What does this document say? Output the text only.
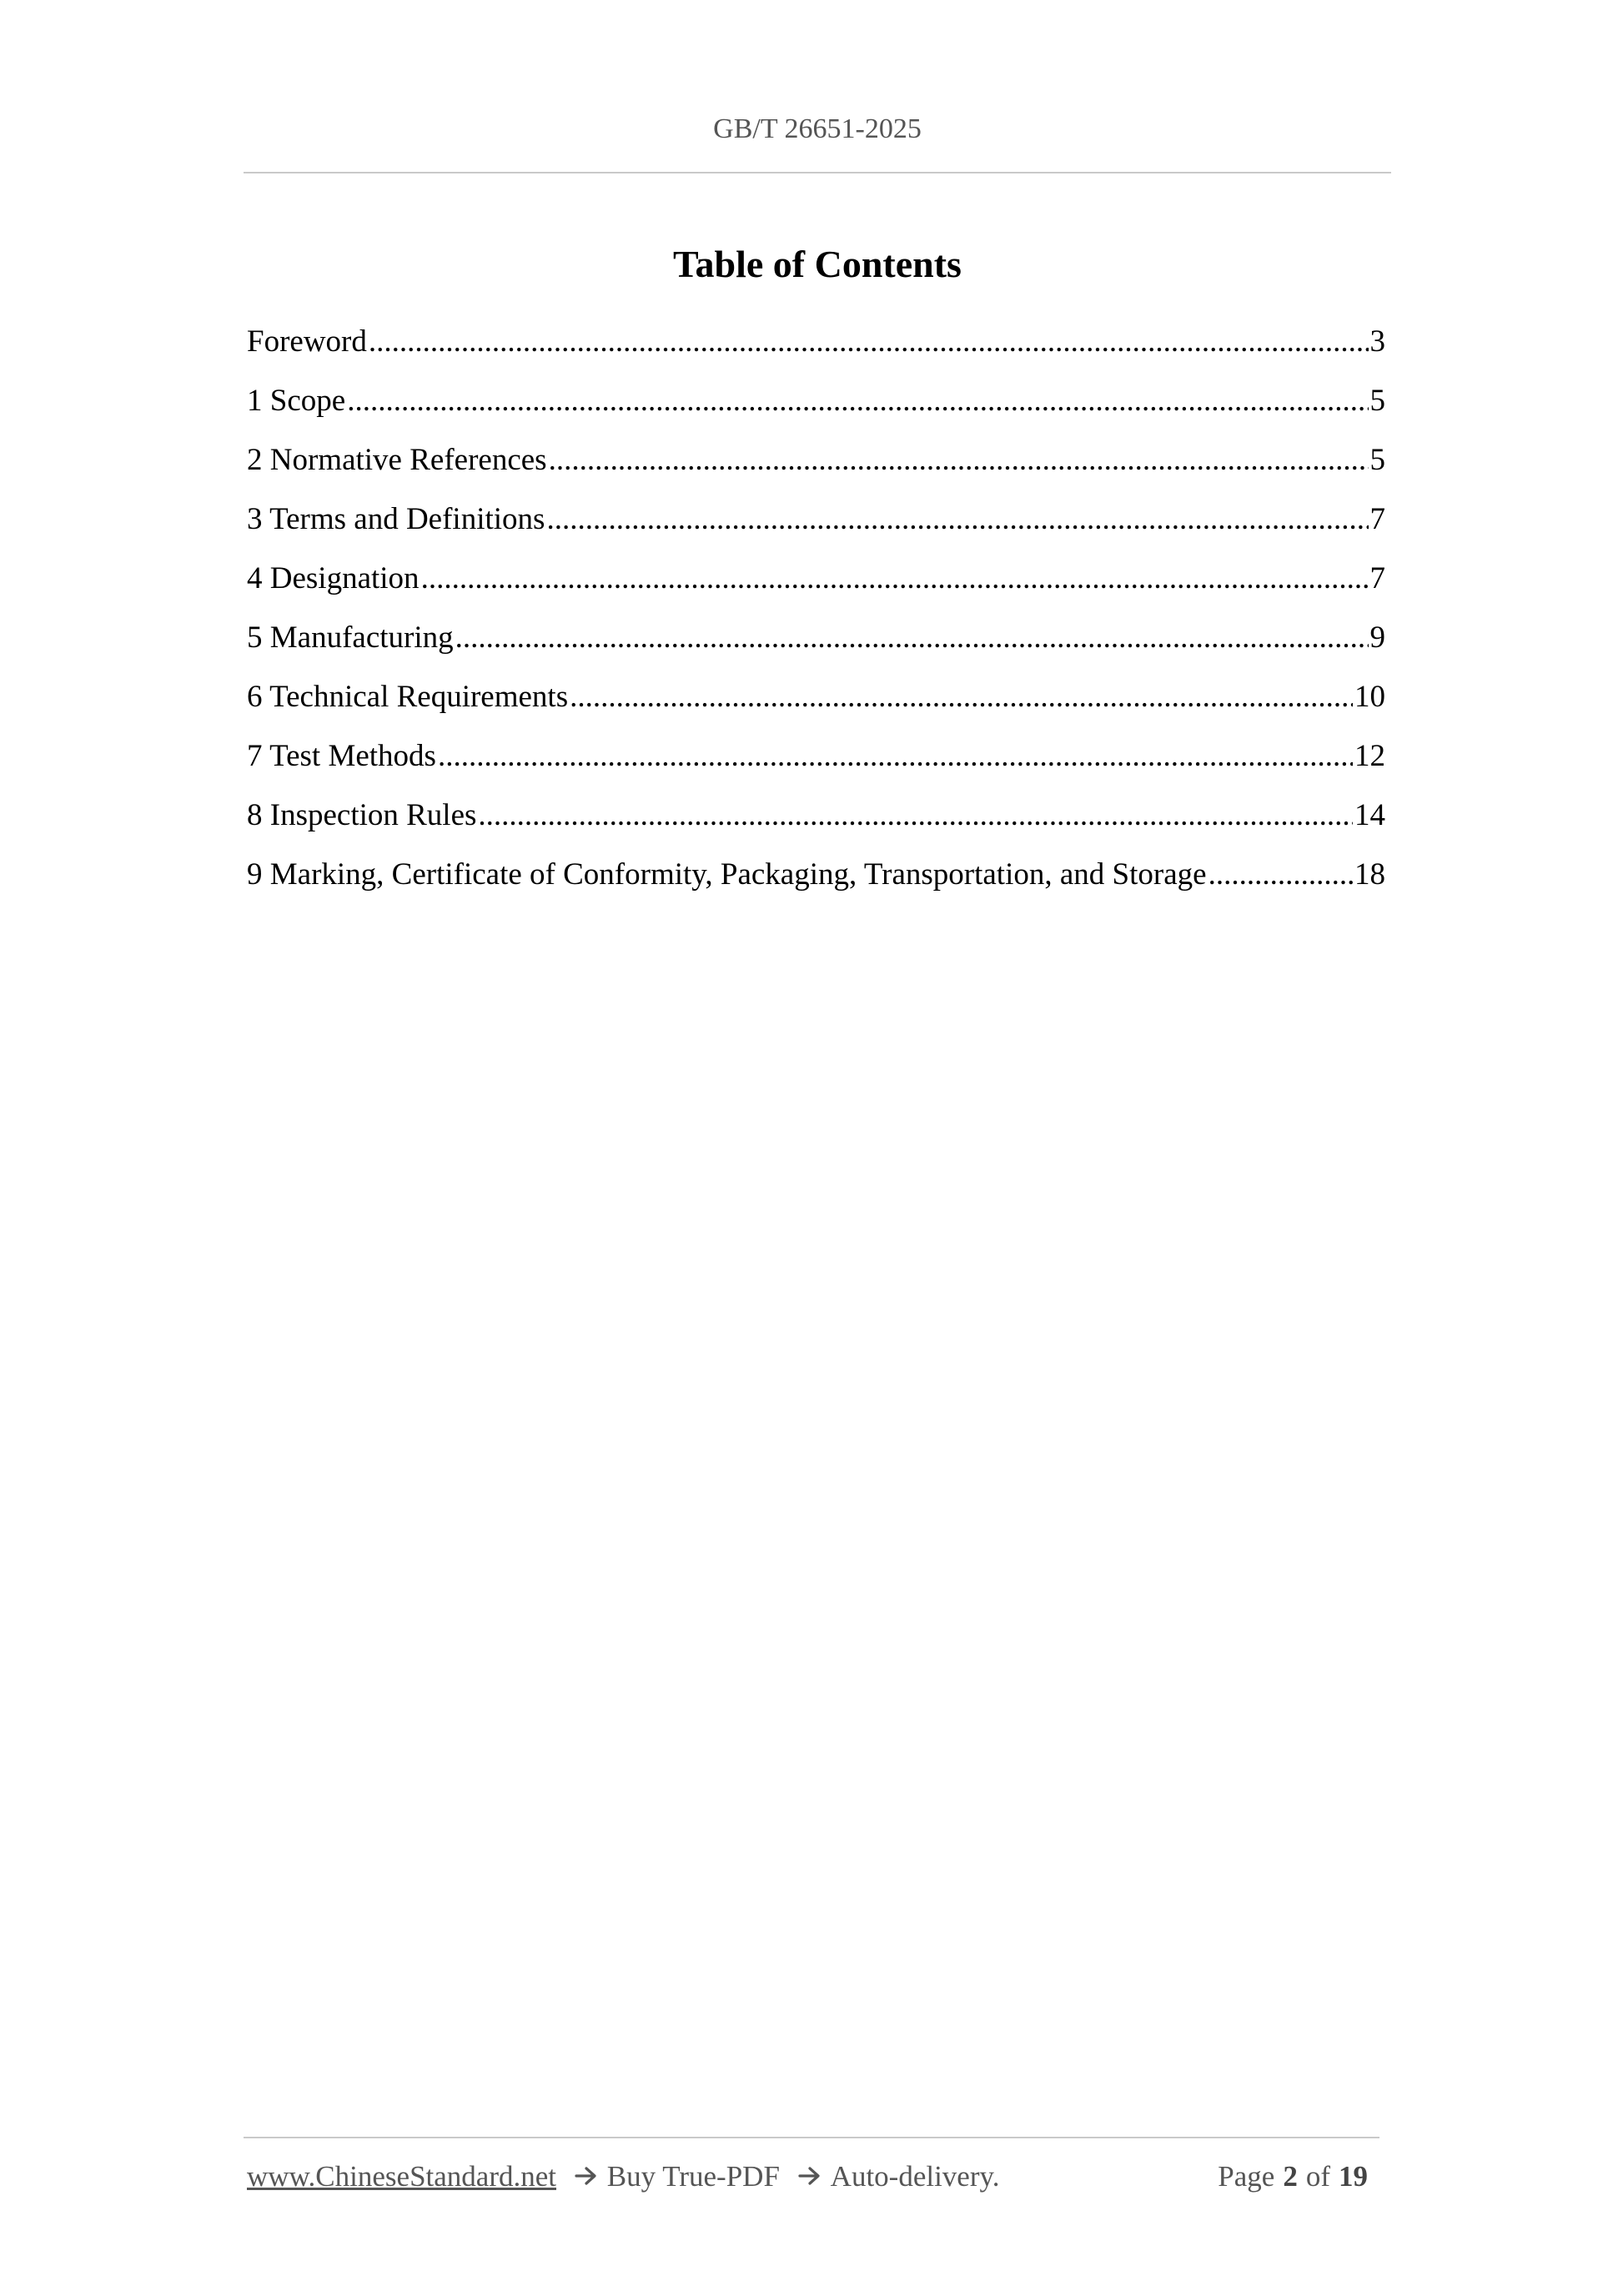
GB/T 26651-2025
Table of Contents
Foreword .....	3
1 Scope .....	5
2 Normative References .....	5
3 Terms and Definitions .....	7
4 Designation .....	7
5 Manufacturing .....	9
6 Technical Requirements .....	10
7 Test Methods .....	12
8 Inspection Rules .....	14
9 Marking, Certificate of Conformity, Packaging, Transportation, and Storage .....	18
www.ChineseStandard.net Buy True-PDF Auto-delivery.	Page 2 of 19
